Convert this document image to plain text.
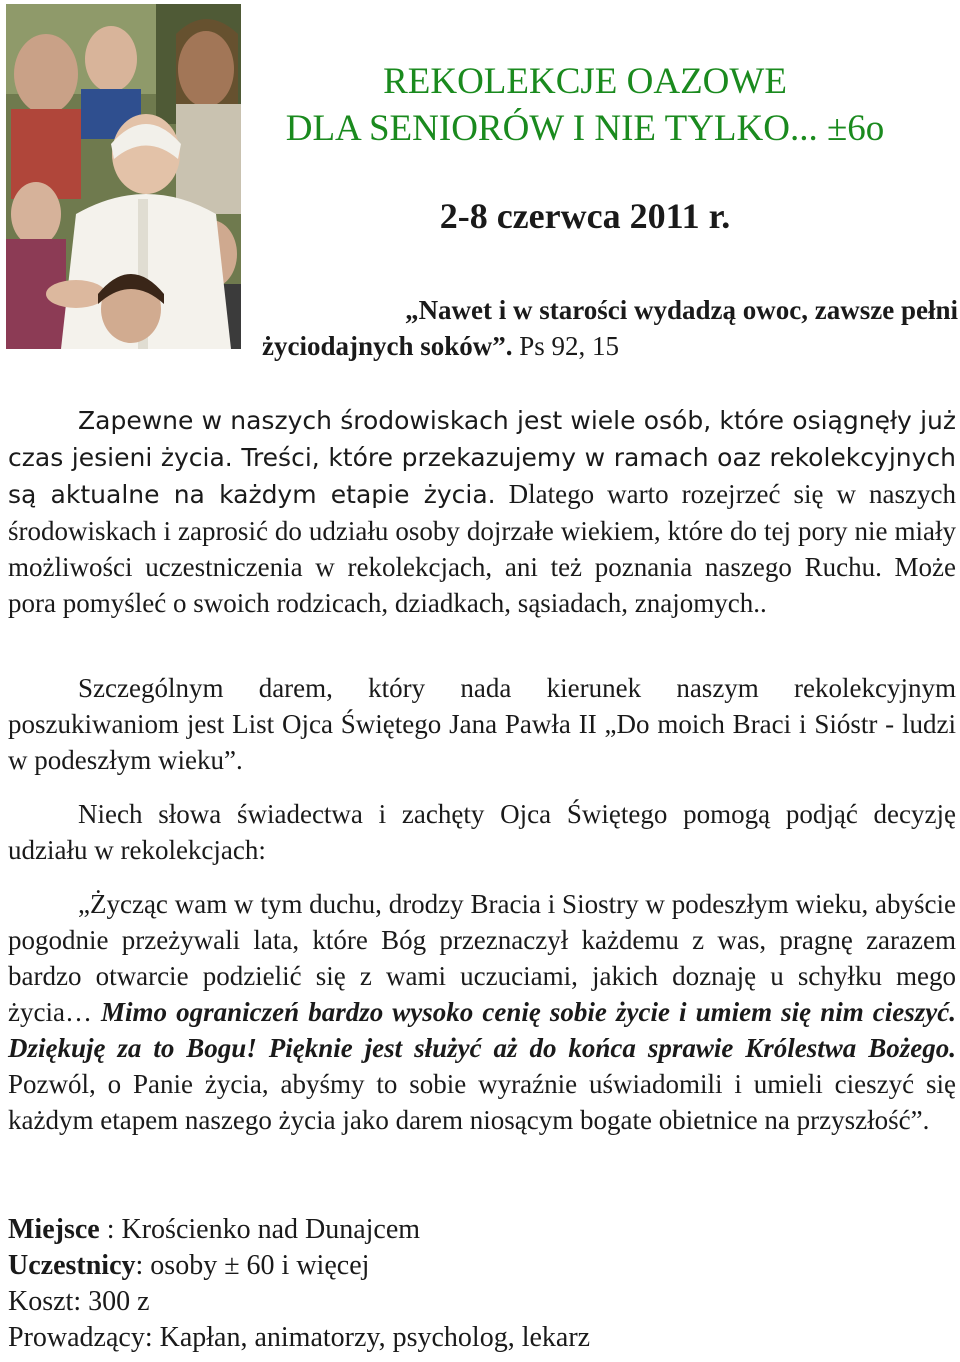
REKOLEKCJE OAZOWE
DLA SENIORÓW I NIE TYLKO... ±6o
2-8 czerwca 2011 r.
„Nawet i w starości wydadzą owoc, zawsze pełni
życiodajnych soków”. Ps 92, 15
Zapewne w naszych środowiskach jest wiele osób, które osiągnęły już czas jesieni życia. Treści, które przekazujemy w ramach oaz rekolekcyjnych są aktualne na każdym etapie życia. Dlatego warto rozejrzeć się w naszych środowiskach i zaprosić do udziału osoby dojrzałe wiekiem, które do tej pory nie miały możliwości uczestniczenia w rekolekcjach, ani też poznania naszego Ruchu. Może pora pomyśleć o swoich rodzicach, dziadkach, sąsiadach, znajomych..
Szczególnym darem, który nada kierunek naszym rekolekcyjnym poszukiwaniom jest List Ojca Świętego Jana Pawła II „Do moich Braci i Sióstr - ludzi w podeszłym wieku”.
Niech słowa świadectwa i zachęty Ojca Świętego pomogą podjąć decyzję udziału w rekolekcjach:
„Życząc wam w tym duchu, drodzy Bracia i Siostry w podeszłym wieku, abyście pogodnie przeżywali lata, które Bóg przeznaczył każdemu z was, pragnę zarazem bardzo otwarcie podzielić się z wami uczuciami, jakich doznaję u schyłku mego życia… Mimo ograniczeń bardzo wysoko cenię sobie życie i umiem się nim cieszyć. Dziękuję za to Bogu! Pięknie jest służyć aż do końca sprawie Królestwa Bożego. Pozwól, o Panie życia, abyśmy to sobie wyraźnie uświadomili i umieli cieszyć się każdym etapem naszego życia jako darem niosącym bogate obietnice na przyszłość”.
Miejsce : Krościenko nad Dunajcem
Uczestnicy: osoby ± 60 i więcej
Koszt: 300 z
Prowadzący: Kapłan, animatorzy, psycholog, lekarz
